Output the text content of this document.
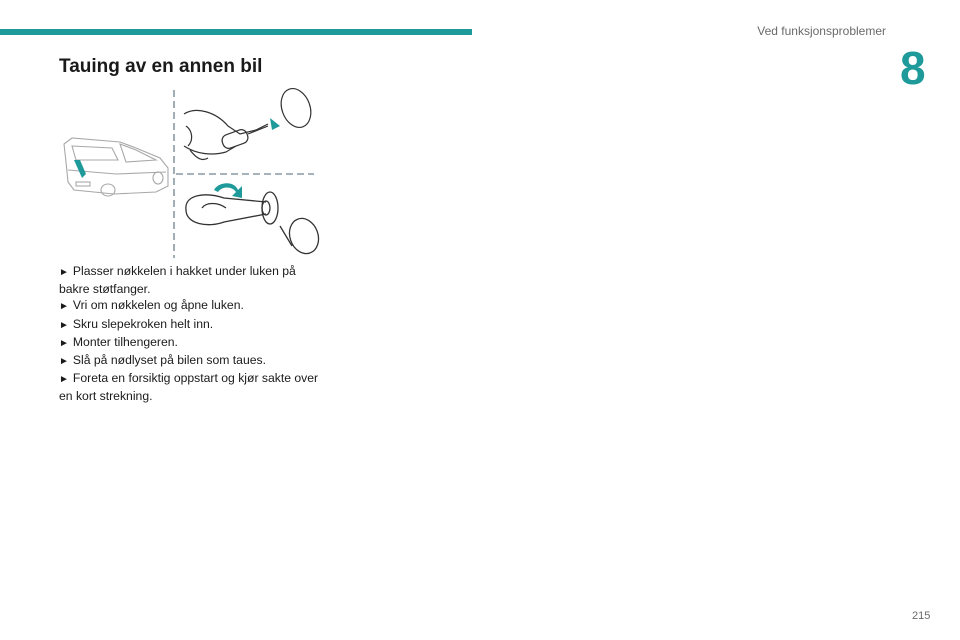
Ved funksjonsproblemer
8
Tauing av en annen bil
► Plasser nøkkelen i hakket under luken på bakre støtfanger.
► Vri om nøkkelen og åpne luken.
► Skru slepekroken helt inn.
► Monter tilhengeren.
► Slå på nødlyset på bilen som taues.
► Foreta en forsiktig oppstart og kjør sakte over en kort strekning.
215
